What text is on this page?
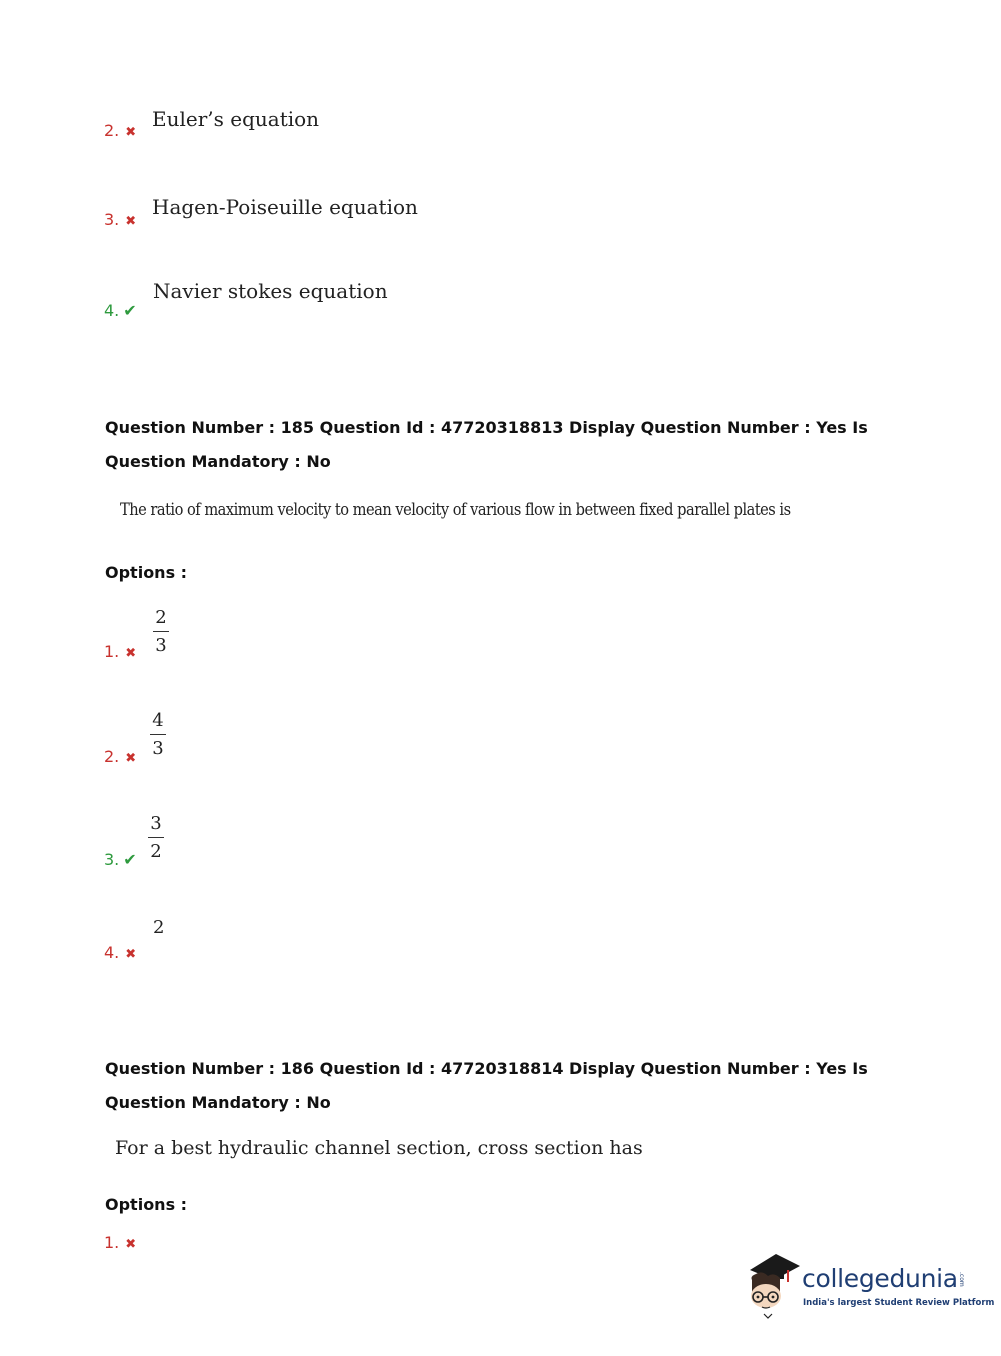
2. ✖
Euler’s equation
3. ✖
Hagen-Poiseuille equation
4. ✔
Navier stokes equation
Question Number : 185 Question Id : 47720318813 Display Question Number : Yes Is Question Mandatory : No
The ratio of maximum velocity to mean velocity of various flow in between fixed parallel plates is
Options :
1. ✖
2
3
2. ✖
4
3
3. ✔
3
2
4. ✖
2
Question Number : 186 Question Id : 47720318814 Display Question Number : Yes Is Question Mandatory : No
For a best hydraulic channel section, cross section has
Options :
1. ✖
collegedunia .com
India's largest Student Review Platform
